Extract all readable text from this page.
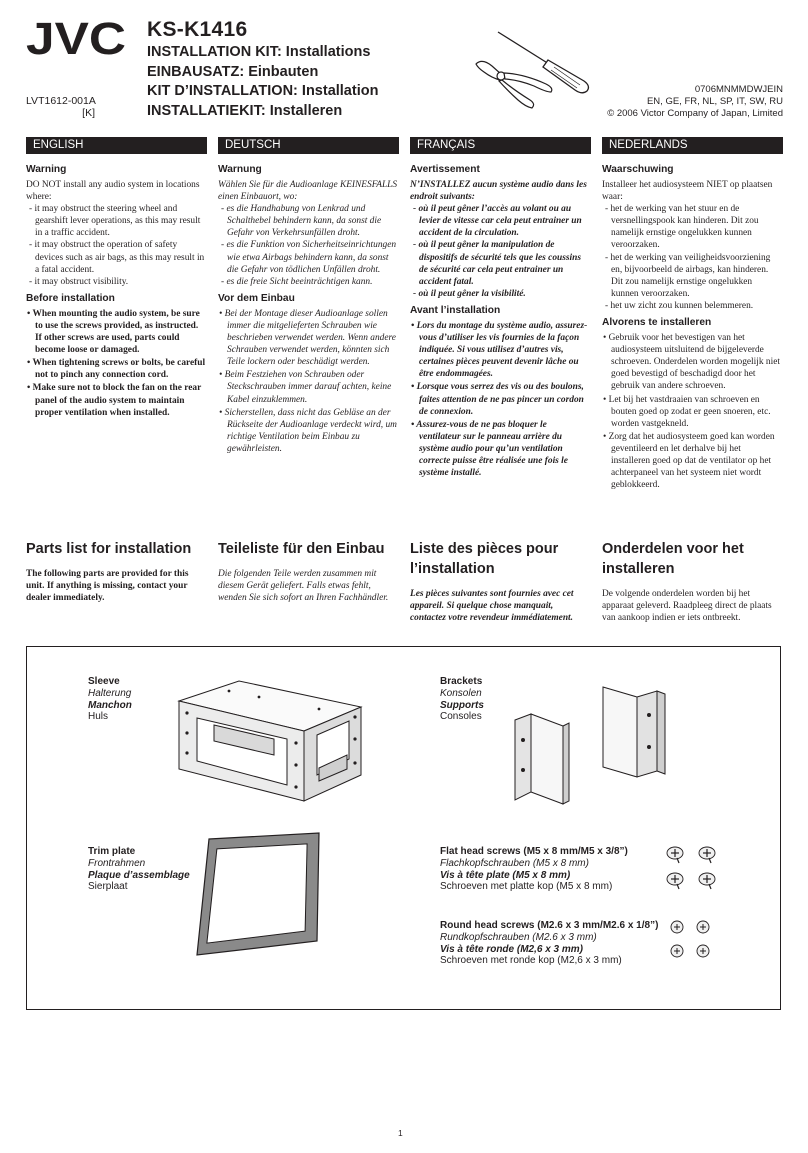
JVC KS-K1416
INSTALLATION KIT: Installations
EINBAUSATZ: Einbauten
KIT D’INSTALLATION: Installation
INSTALLATIEKIT: Installeren
LVT1612-001A
[K]
0706MNMMDWJEIN
EN, GE, FR, NL, SP, IT, SW, RU
© 2006 Victor Company of Japan, Limited
ENGLISH	DEUTSCH	FRANÇAIS	NEDERLANDS
Warning

DO NOT install any audio system in locations where:

- it may obstruct the steering wheel and gearshift lever operations, as this may result in a traffic accident.

- it may obstruct the operation of safety devices such as air bags, as this may result in a fatal accident.

- it may obstruct visibility.

Before installation

• When mounting the audio system, be sure to use the screws provided, as instructed. If other screws are used, parts could become loose or damaged.

• When tightening screws or bolts, be careful not to pinch any connection cord.

• Make sure not to block the fan on the rear panel of the audio system to maintain proper ventilation when installed.

Warnung

Wählen Sie für die Audioanlage KEINESFALLS einen Einbauort, wo:

- es die Handhabung von Lenkrad und Schalthebel behindern kann, da sonst die Gefahr von Verkehrsunfällen droht.

- es die Funktion von Sicherheitseinrichtungen wie etwa Airbags behindern kann, da sonst die Gefahr von tödlichen Unfällen droht.

- es die freie Sicht beeinträchtigen kann.

Vor dem Einbau

• Bei der Montage dieser Audioanlage sollen immer die mitgelieferten Schrauben wie beschrieben verwendet werden. Wenn andere Schrauben verwendet werden, könnten sich Teile lockern oder beschädigt werden.

• Beim Festziehen von Schrauben oder Steckschrauben immer darauf achten, keine Kabel einzuklemmen.

• Sicherstellen, dass nicht das Gebläse an der Rückseite der Audioanlage verdeckt wird, um richtige Ventilation beim Einbau zu gewährleisten.

Avertissement

N’INSTALLEZ aucun système audio dans les endroit suivants:

- où il peut gêner l’accès au volant ou au levier de vitesse car cela peut entrainer un accident de la circulation.

- où il peut gêner la manipulation de dispositifs de sécurité tels que les coussins de sécurité car cela peut entrainer un accident fatal.

- où il peut gêner la visibilité.

Avant l’installation

• Lors du montage du système audio, assurez-vous d’utiliser les vis fournies de la façon indiquée. Si vous utilisez d’autres vis, certaines pièces peuvent devenir lâche ou être endommagées.

• Lorsque vous serrez des vis ou des boulons, faites attention de ne pas pincer un cordon de connexion.

• Assurez-vous de ne pas bloquer le ventilateur sur le panneau arrière du système audio pour qu’un ventilation correcte puisse être réalisée une fois le système installé.

Waarschuwing

Installeer het audiosysteem NIET op plaatsen waar:

- het de werking van het stuur en de versnellingspook kan hinderen. Dit zou namelijk ernstige ongelukken kunnen veroorzaken.

- het de werking van veiligheidsvoorziening en, bijvoorbeeld de airbags, kan hinderen. Dit zou namelijk ernstige ongelukken kunnen veroorzaken.

- het uw zicht zou kunnen belemmeren.

Alvorens te installeren

• Gebruik voor het bevestigen van het audiosysteem uitsluitend de bijgeleverde schroeven. Onderdelen worden mogelijk niet goed bevestigd of beschadigd door het gebruik van andere schroeven.

• Let bij het vastdraaien van schroeven en bouten goed op zodat er geen snoeren, etc. worden vastgekneld.

• Zorg dat het audiosysteem goed kan worden geventileerd en let derhalve bij het installeren goed op dat de ventilator op het achterpaneel van het systeem niet wordt geblokkeerd.

Parts list for installation	Teileliste für den Einbau	Liste des pièces pour
l’installation
Onderdelen voor het
installeren
The following parts are provided for this unit. If anything is missing, contact your dealer immediately.
Die folgenden Teile werden zusammen mit diesem Gerät geliefert. Falls etwas fehlt, wenden Sie sich sofort an Ihren Fachhändler.	Les pièces suivantes sont fournies avec cet appareil. Si quelque chose manquait, contactez votre revendeur immédiatement.
De volgende onderdelen worden bij het apparaat geleverd. Raadpleeg direct de plaats van aankoop indien er iets ontbreekt.
Sleeve
Halterung
Manchon
Huls
Brackets
Konsolen
Supports
Consoles
Trim plate
Frontrahmen
Plaque d’assemblage
Sierplaat
Flat head screws (M5 x 8 mm/M5 x 3/8”)
Flachkopfschrauben (M5 x 8 mm)
Vis à tête plate (M5 x 8 mm)
Schroeven met platte kop (M5 x 8 mm)
Round head screws (M2.6 x 3 mm/M2.6 x 1/8”)
Rundkopfschrauben (M2.6 x 3 mm)
Vis à tête ronde (M2,6 x 3 mm)
Schroeven met ronde kop (M2,6 x 3 mm)
1
